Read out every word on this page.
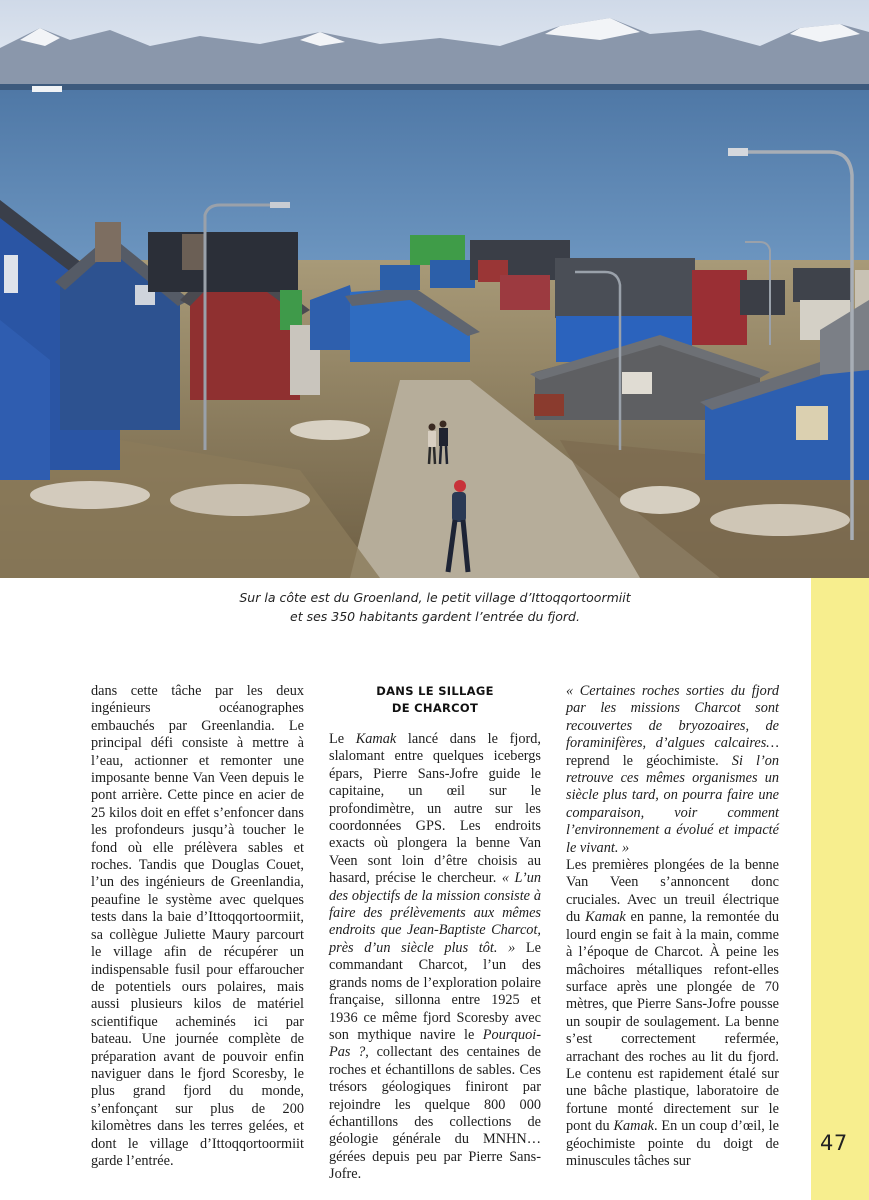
Sur la côte est du Groenland, le petit village d’Ittoqqortoormiit
et ses 350 habitants gardent l’entrée du fjord.

dans cette tâche par les deux ingénieurs océanographes embauchés par Greenlandia. Le principal défi consiste à mettre à l’eau, actionner et remonter une imposante benne Van Veen depuis le pont arrière. Cette pince en acier de 25 kilos doit en effet s’enfoncer dans les profondeurs jusqu’à toucher le fond où elle prélèvera sables et roches. Tandis que Douglas Couet, l’un des ingénieurs de Greenlandia, peaufine le système avec quelques tests dans la baie d’Ittoqqortoormiit, sa collègue Juliette Maury parcourt le village afin de récupérer un indispensable fusil pour effaroucher de potentiels ours polaires, mais aussi plusieurs kilos de matériel scientifique acheminés ici par bateau. Une journée complète de préparation avant de pouvoir enfin naviguer dans le fjord Scoresby, le plus grand fjord du monde, s’enfonçant sur plus de 200 kilomètres dans les terres gelées, et dont le village d’Ittoqqortoormiit garde l’entrée.

DANS LE SILLAGE
DE CHARCOT

Le Kamak lancé dans le fjord, slalomant entre quelques icebergs épars, Pierre Sans-Jofre guide le capitaine, un œil sur le profondimètre, un autre sur les coordonnées GPS. Les endroits exacts où plongera la benne Van Veen sont loin d’être choisis au hasard, précise le chercheur. « L’un des objectifs de la mission consiste à faire des prélèvements aux mêmes endroits que Jean-Baptiste Charcot, près d’un siècle plus tôt. » Le commandant Charcot, l’un des grands noms de l’exploration polaire française, sillonna entre 1925 et 1936 ce même fjord Scoresby avec son mythique navire le Pourquoi-Pas ?, collectant des centaines de roches et échantillons de sables. Ces trésors géologiques finiront par rejoindre les quelque 800 000 échantillons des collections de géologie générale du MNHN… gérées depuis peu par Pierre Sans-Jofre.

« Certaines roches sorties du fjord par les missions Charcot sont recouvertes de bryozoaires, de foraminifères, d’algues calcaires… reprend le géochimiste. Si l’on retrouve ces mêmes organismes un siècle plus tard, on pourra faire une comparaison, voir comment l’environnement a évolué et impacté le vivant. »

Les premières plongées de la benne Van Veen s’annoncent donc cruciales. Avec un treuil électrique du Kamak en panne, la remontée du lourd engin se fait à la main, comme à l’époque de Charcot. À peine les mâchoires métalliques refont-elles surface après une plongée de 70 mètres, que Pierre Sans-Jofre pousse un soupir de soulagement. La benne s’est correctement refermée, arrachant des roches au lit du fjord. Le contenu est rapidement étalé sur une bâche plastique, laboratoire de fortune monté directement sur le pont du Kamak. En un coup d’œil, le géochimiste pointe du doigt de minuscules tâches sur

47
